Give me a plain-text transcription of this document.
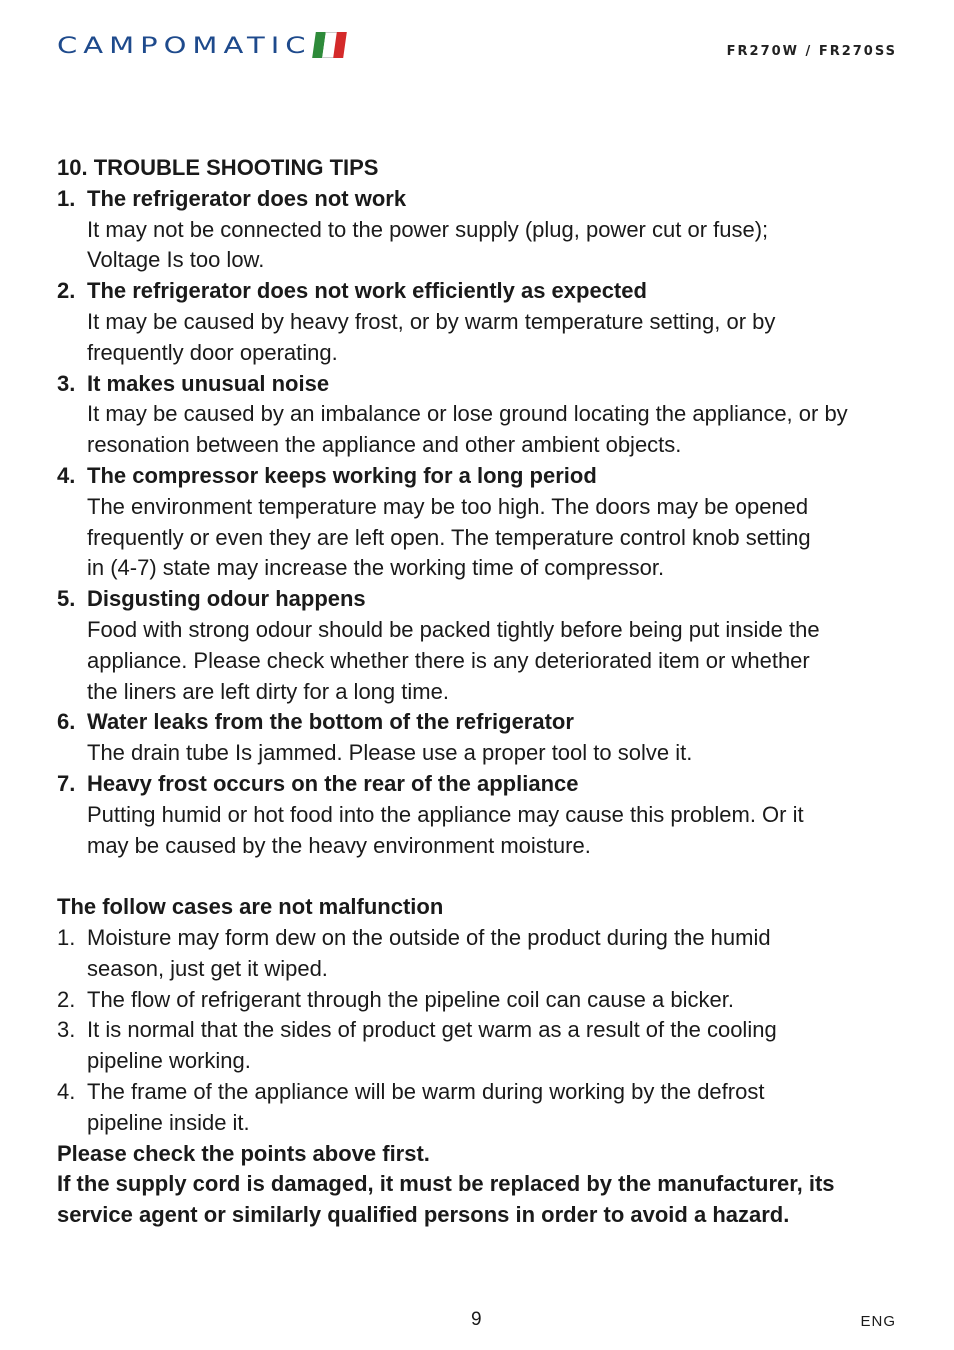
CAMPOMATIC	FR270W / FR270SS
10. TROUBLE SHOOTING TIPS
1. The refrigerator does not work
It may not be connected to the power supply (plug, power cut or fuse);
Voltage Is too low.
2. The refrigerator does not work efficiently as expected
It may be caused by heavy frost, or by warm temperature setting, or by
frequently door operating.
3. It makes unusual noise
It may be caused by an imbalance or lose ground locating the appliance, or by
resonation between the appliance and other ambient objects.
4. The compressor keeps working for a long period
The environment temperature may be too high. The doors may be opened
frequently or even they are left open. The temperature control knob setting
in (4-7) state may increase the working time of compressor.
5. Disgusting odour happens
Food with strong odour should be packed tightly before being put inside the
appliance. Please check whether there is any deteriorated item or whether
the liners are left dirty for a long time.
6. Water leaks from the bottom of the refrigerator
The drain tube Is jammed. Please use a proper tool to solve it.
7. Heavy frost occurs on the rear of the appliance
Putting humid or hot food into the appliance may cause this problem. Or it
may be caused by the heavy environment moisture.
The follow cases are not malfunction
1. Moisture may form dew on the outside of the product during the humid
season, just get it wiped.
2. The flow of refrigerant through the pipeline coil can cause a bicker.
3. It is normal that the sides of product get warm as a result of the cooling
pipeline working.
4. The frame of the appliance will be warm during working by the defrost
pipeline inside it.
Please check the points above first.
If the supply cord is damaged, it must be replaced by the manufacturer, its
service agent or similarly qualified persons in order to avoid a hazard.
9	ENG
